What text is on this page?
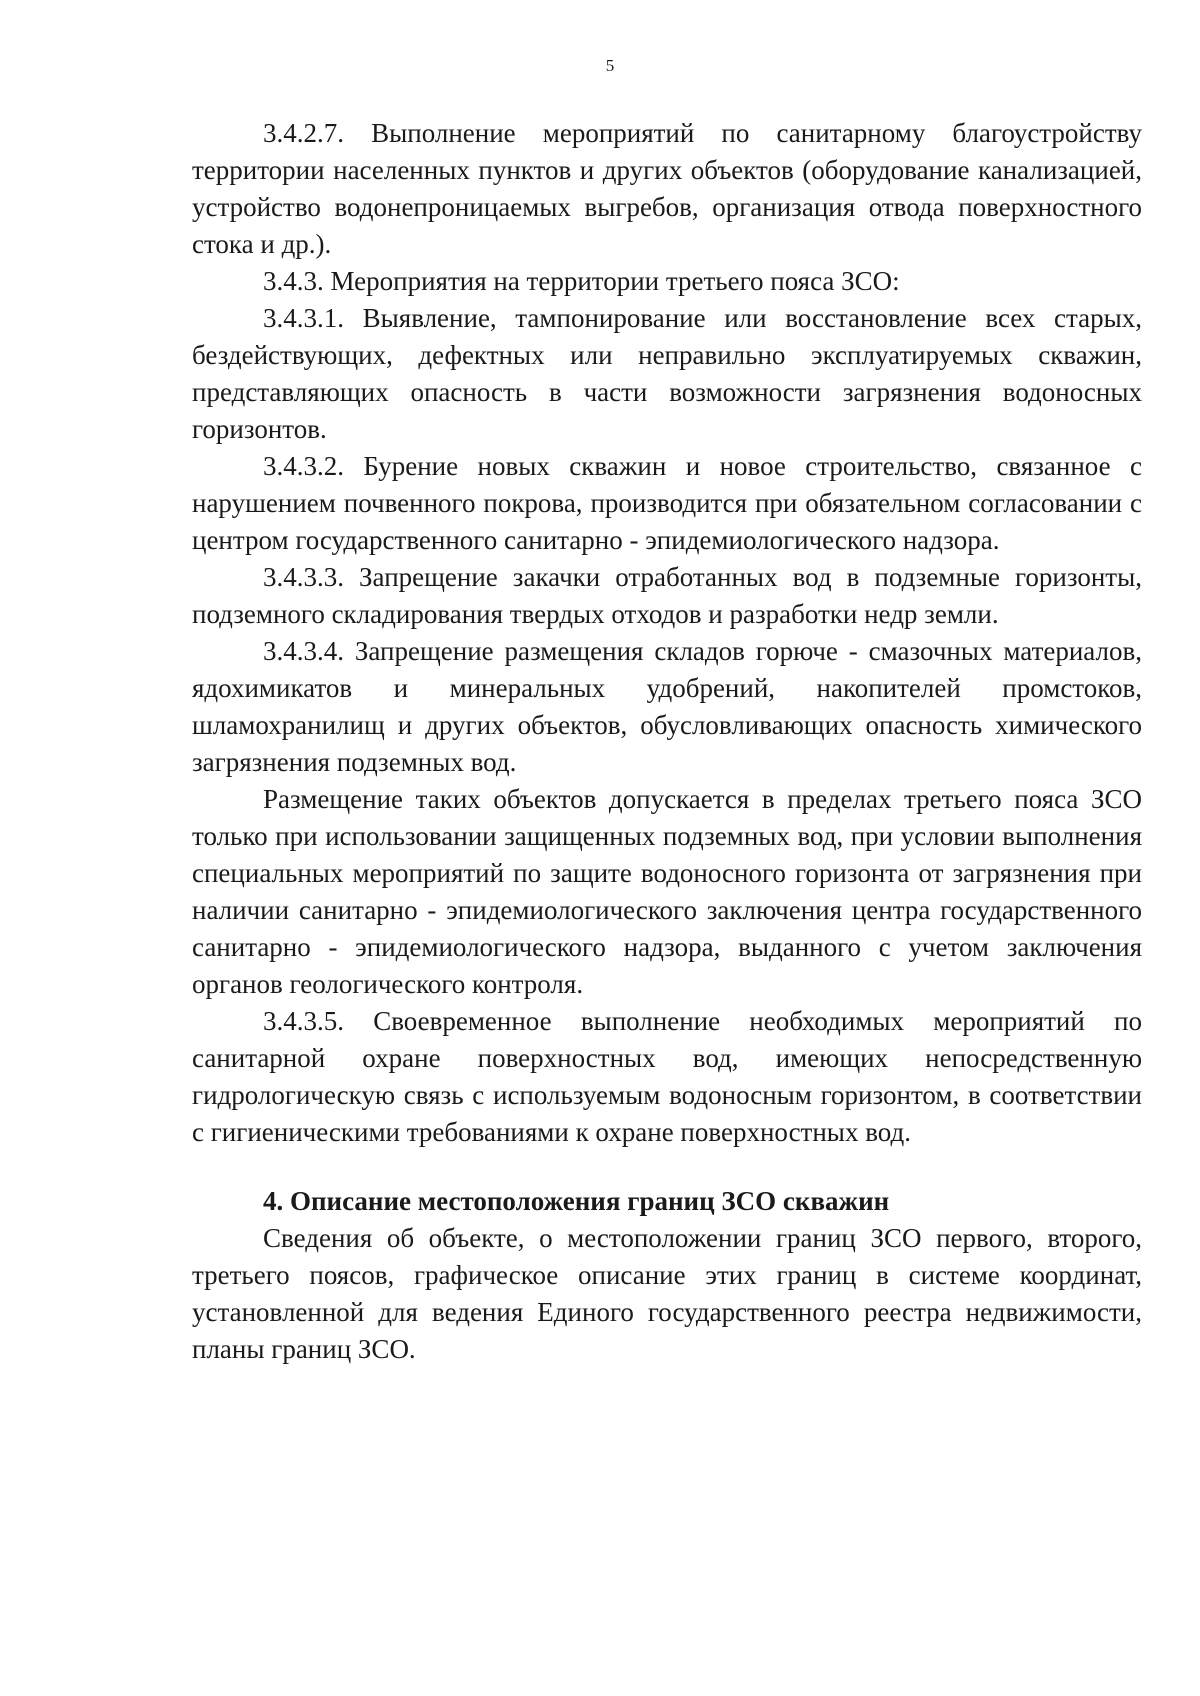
5

3.4.2.7. Выполнение мероприятий по санитарному благоустройству территории населенных пунктов и других объектов (оборудование канализацией, устройство водонепроницаемых выгребов, организация отвода поверхностного стока и др.).

3.4.3. Мероприятия на территории третьего пояса ЗСО:

3.4.3.1. Выявление, тампонирование или восстановление всех старых, бездействующих, дефектных или неправильно эксплуатируемых скважин, представляющих опасность в части возможности загрязнения водоносных горизонтов.

3.4.3.2. Бурение новых скважин и новое строительство, связанное с нарушением почвенного покрова, производится при обязательном согласовании с центром государственного санитарно - эпидемиологического надзора.

3.4.3.3. Запрещение закачки отработанных вод в подземные горизонты, подземного складирования твердых отходов и разработки недр земли.

3.4.3.4. Запрещение размещения складов горюче - смазочных материалов, ядохимикатов и минеральных удобрений, накопителей промстоков, шламохранилищ и других объектов, обусловливающих опасность химического загрязнения подземных вод.

Размещение таких объектов допускается в пределах третьего пояса ЗСО только при использовании защищенных подземных вод, при условии выполнения специальных мероприятий по защите водоносного горизонта от загрязнения при наличии санитарно - эпидемиологического заключения центра государственного санитарно - эпидемиологического надзора, выданного с учетом заключения органов геологического контроля.

3.4.3.5. Своевременное выполнение необходимых мероприятий по санитарной охране поверхностных вод, имеющих непосредственную гидрологическую связь с используемым водоносным горизонтом, в соответствии с гигиеническими требованиями к охране поверхностных вод.

4. Описание местоположения границ ЗСО скважин

Сведения об объекте, о местоположении границ ЗСО первого, второго, третьего поясов, графическое описание этих границ в системе координат, установленной для ведения Единого государственного реестра недвижимости, планы границ ЗСО.
